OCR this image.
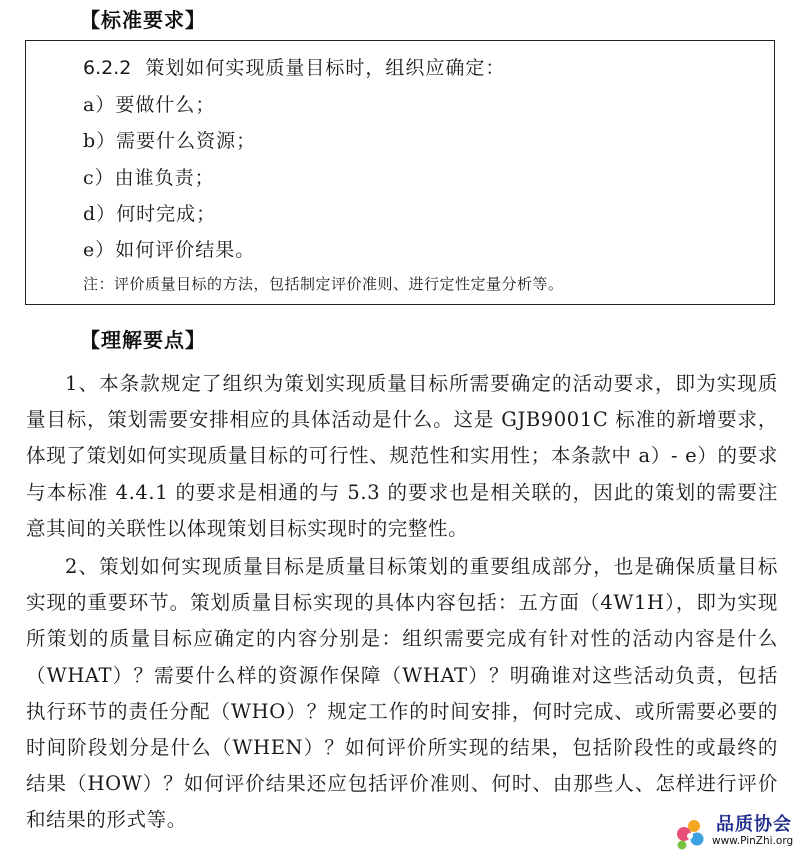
【标准要求】
6.2.2 策划如何实现质量目标时，组织应确定：
a）要做什么；
b）需要什么资源；
c）由谁负责；
d）何时完成；
e）如何评价结果。
注：评价质量目标的方法，包括制定评价准则、进行定性定量分析等。
【理解要点】

1、本条款规定了组织为策划实现质量目标所需要确定的活动要求，即为实现质量目标，策划需要安排相应的具体活动是什么。这是 GJB9001C 标准的新增要求，体现了策划如何实现质量目标的可行性、规范性和实用性；本条款中 a）- e）的要求与本标准 4.4.1 的要求是相通的与 5.3 的要求也是相关联的，因此的策划的需要注意其间的关联性以体现策划目标实现时的完整性。

2、策划如何实现质量目标是质量目标策划的重要组成部分，也是确保质量目标实现的重要环节。策划质量目标实现的具体内容包括：五方面（4W1H），即为实现所策划的质量目标应确定的内容分别是：组织需要完成有针对性的活动内容是什么（WHAT）？需要什么样的资源作保障（WHAT）？明确谁对这些活动负责，包括执行环节的责任分配（WHO）？规定工作的时间安排，何时完成、或所需要必要的时间阶段划分是什么（WHEN）？如何评价所实现的结果，包括阶段性的或最终的结果（HOW）？如何评价结果还应包括评价准则、何时、由那些人、怎样进行评价和结果的形式等。	品质协会
www.PinZhi.org
